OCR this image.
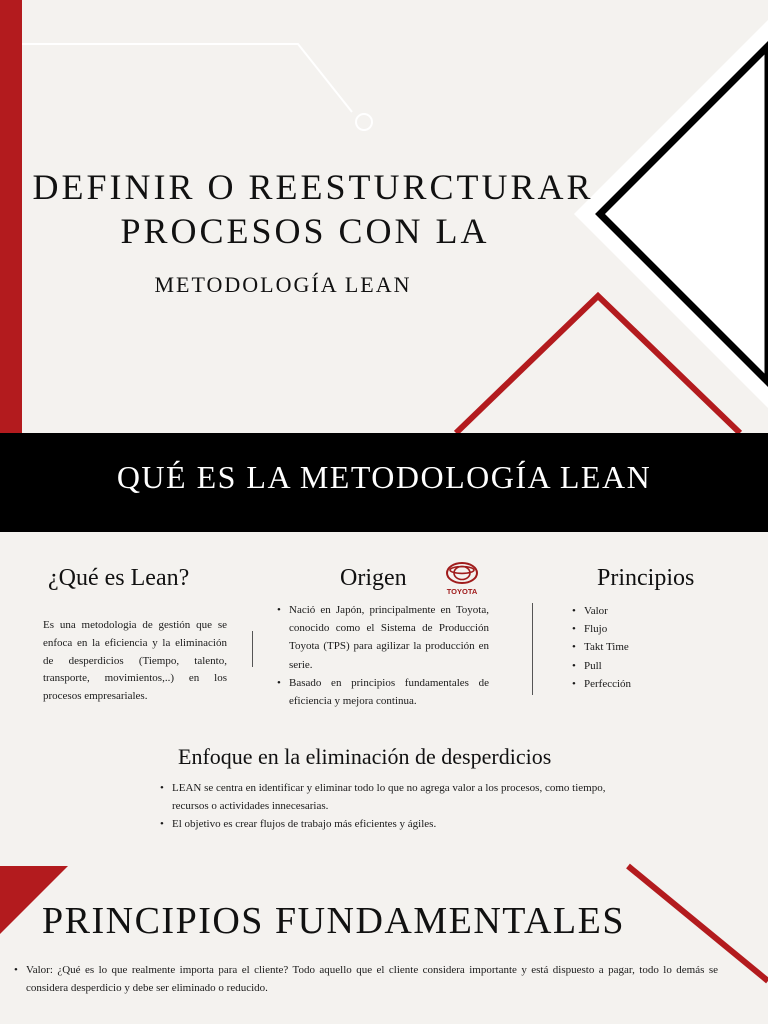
DEFINIR O REESTURCTURAR
PROCESOS CON LA
METODOLOGÍA LEAN
QUÉ ES LA METODOLOGÍA LEAN
¿Qué es Lean?

Es una metodologia de gestión que se enfoca en la eficiencia y la eliminación de desperdicios (Tiempo, talento, transporte, movimientos,..) en los procesos empresariales.

Origen
TOYOTA
• Nació en Japón, principalmente en Toyota, conocido como el Sistema de Producción Toyota (TPS) para agilizar la producción en serie.
• Basado en principios fundamentales de eficiencia y mejora continua.
Principios
• Valor
• Flujo
• Takt Time
• Pull
• Perfección
Enfoque en la eliminación de desperdicios
• LEAN se centra en identificar y eliminar todo lo que no agrega valor a los procesos, como tiempo, recursos o actividades innecesarias.
• El objetivo es crear flujos de trabajo más eficientes y ágiles.
PRINCIPIOS FUNDAMENTALES
• Valor: ¿Qué es lo que realmente importa para el cliente? Todo aquello que el cliente considera importante y está dispuesto a pagar, todo lo demás se considera desperdicio y debe ser eliminado o reducido.
